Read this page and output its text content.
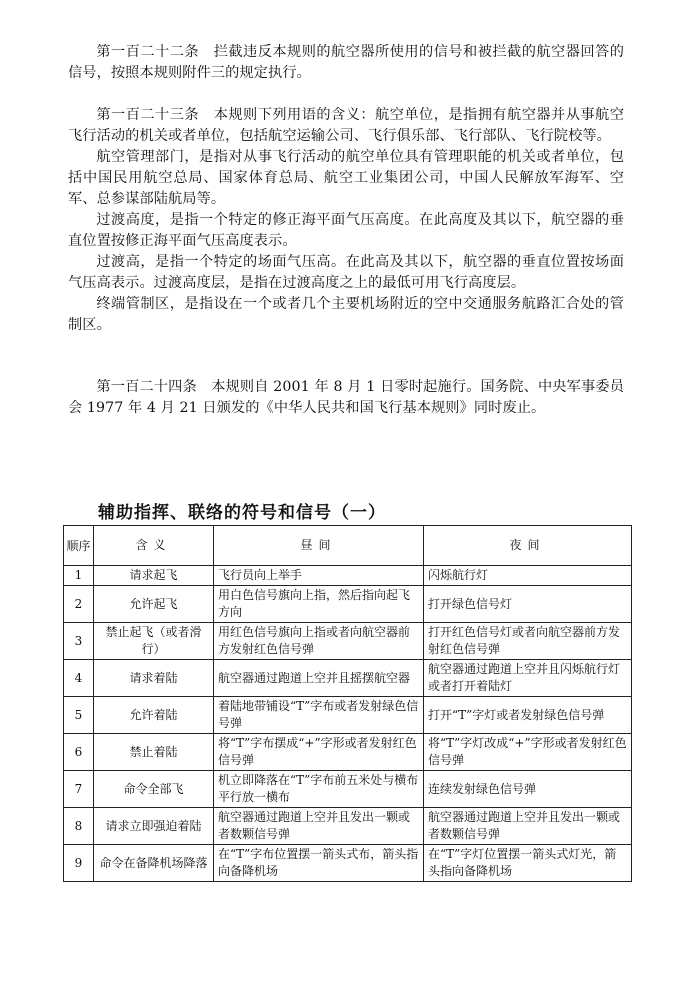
第一百二十二条　拦截违反本规则的航空器所使用的信号和被拦截的航空器回答的信号，按照本规则附件三的规定执行。

第一百二十三条　本规则下列用语的含义：航空单位，是指拥有航空器并从事航空飞行活动的机关或者单位，包括航空运输公司、飞行俱乐部、飞行部队、飞行院校等。

航空管理部门，是指对从事飞行活动的航空单位具有管理职能的机关或者单位，包括中国民用航空总局、国家体育总局、航空工业集团公司，中国人民解放军海军、空军、总参谋部陆航局等。

过渡高度，是指一个特定的修正海平面气压高度。在此高度及其以下，航空器的垂直位置按修正海平面气压高度表示。

过渡高，是指一个特定的场面气压高。在此高及其以下，航空器的垂直位置按场面气压高表示。过渡高度层，是指在过渡高度之上的最低可用飞行高度层。

终端管制区，是指设在一个或者几个主要机场附近的空中交通服务航路汇合处的管制区。

第一百二十四条　本规则自 2001 年 8 月 1 日零时起施行。国务院、中央军事委员会 1977 年 4 月 21 日颁发的《中华人民共和国飞行基本规则》同时废止。

辅助指挥、联络的符号和信号（一）
顺序	含义	昼间	夜间
1	请求起飞	飞行员向上举手	闪烁航行灯
2	允许起飞	用白色信号旗向上指，然后指向起飞方向	打开绿色信号灯
3	禁止起飞（或者滑行）	用红色信号旗向上指或者向航空器前方发射红色信号弹	打开红色信号灯或者向航空器前方发射红色信号弹
4	请求着陆	航空器通过跑道上空并且摇摆航空器	航空器通过跑道上空并且闪烁航行灯或者打开着陆灯
5	允许着陆	着陆地带铺设“T”字布或者发射绿色信号弹	打开“T”字灯或者发射绿色信号弹
6	禁止着陆	将“T”字布摆成“+”字形或者发射红色信号弹	将“T”字灯改成“+”字形或者发射红色信号弹
7	命令全部飞	机立即降落在“T”字布前五米处与横布平行放一横布	连续发射绿色信号弹
8	请求立即强迫着陆	航空器通过跑道上空并且发出一颗或者数颗信号弹	航空器通过跑道上空并且发出一颗或者数颗信号弹
9	命令在备降机场降落	在“T”字布位置摆一箭头式布，箭头指向备降机场	在“T”字灯位置摆一箭头式灯光，箭头指向备降机场
